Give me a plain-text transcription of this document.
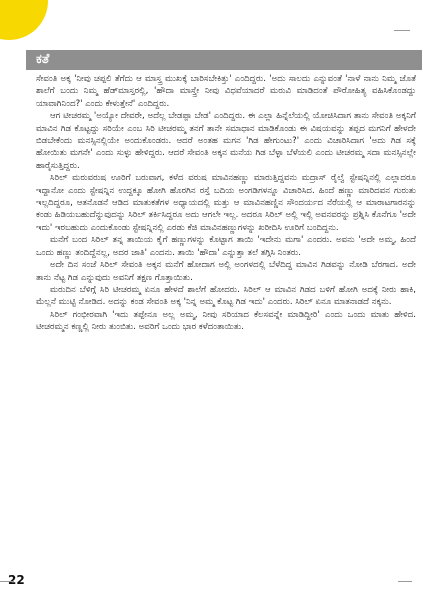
ಕತೆ

ಸೇವಂತಿ ಅಕ್ಕ 'ನೀವು ಚಪ್ಪಲಿ ತೆಗೆದು ಆ ಮಾಸ್ತ್ರ ಮುಖಕ್ಕೆ ಬಾರಿಸಬೇಕಿತ್ತು' ಎಂದಿದ್ದರು. 'ಅದು ಸಾಲದು ಎನ್ನುವಂತೆ 'ನಾಳೆ ನಾನು ನಿಮ್ಮ ಜೊತೆ ಶಾಲೆಗೆ ಬಂದು ನಿಮ್ಮ ಹೆಡ್‌ಮಾಸ್ತರಲ್ಲಿ, 'ಹೌದಾ ಮಾಸ್ತ್ರೇ ನೀವು ವಿಧವೆಯಾದರೆ ಮರುವಿ ಮಾಡಿದಂತೆ ಪೌರೋಹಿತ್ಯ ವಹಿಸಿಕೊಂಡದ್ದು ಯಾವಾಗಿನಿಂದ?' ಎಂದು ಕೇಳುತ್ತೇನೆ' ಎಂದಿದ್ದರು.

ಆಗ ಟೀಚರಮ್ಮ 'ಅಯ್ಯೋ ದೇವರೇ, ಅದೆಲ್ಲ ಬೇಡಪ್ಪಾ ಬೇಡ' ಎಂದಿದ್ದರು. ಈ ಎಲ್ಲಾ ಹಿನ್ನೆಲೆಯಲ್ಲಿ ಯೋಚಿಸಿದಾಗ ತಾನು ಸೇವಂತಿ ಅಕ್ಕನಿಗೆ ಮಾವಿನ ಗಿಡ ಕೊಟ್ಟದ್ದು ಸರಿಯೇ ಎಂಬ ಸಿರಿ ಟೀಚರಮ್ಮ ತನಗೆ ತಾನೇ ಸಮಾಧಾನ ಮಾಡಿಕೊಂಡು ಈ ವಿಷಯವನ್ನು ತಪ್ಪದ ಮಗನಿಗೆ ಹೇಳದೇ ಬಿಡಬೇಕೆಂದು ಮನಸ್ಸಿನಲ್ಲಿಯೇ ಅಂದುಕೊಂಡರು. ಆದರೆ ಅಂತಹ ಮಗನ 'ಗಿಡ ಹೇಗುಂಟು?' ಎಂದು ವಿಚಾರಿಸಿದಾಗ 'ಅದು ಗಿಡ ಸಕ್ಕೆ ಹೋಯಿತು ಮಗನೇ' ಎಂದು ಸುಳ್ಳು ಹೇಳಿದ್ದರು. ಆದರೆ ಸೇವಂತಿ ಅಕ್ಕನ ಮನೆಯ ಗಿಡ ಬೆಳ್ಳಾ ಬೆಳೆಯಲಿ ಎಂದು ಟೀಚರಮ್ಮ ಸದಾ ಮನಸ್ಸಿನಲ್ಲೇ ಹಾರೈಸುತ್ತಿದ್ದರು.

ಸಿರಿಲ್ ಮರುವರುಷ ಊರಿಗೆ ಬರುವಾಗ, ಕಳೆದ ವರುಷ ಮಾವಿನಹಣ್ಣು ಮಾರುತ್ತಿದ್ದವನು ಮದ್ರಾಸ್ ರೈಲ್ವೆ ಸ್ಟೇಷನ್ನಿನಲ್ಲಿ ಎಲ್ಲಾದರೂ ಇದ್ದಾನೋ ಎಂದು ಸ್ಟೇಷನ್ನಿನ ಉದ್ದಕ್ಕೂ ಹೋಗಿ ಹೊರಗಿನ ರಸ್ತೆ ಬದಿಯ ಅಂಗಡಿಗಳನ್ನೂ ವಿಚಾರಿಸಿದ. ಹಿಂದೆ ಹಣ್ಣು ಮಾರಿದವನ ಗುರುತು ಇಲ್ಲದಿದ್ದರೂ, ಆತನೊಡನೆ ಆಡಿದ ಮಾತುಕತೆಗಳ ಅಧ್ಯಾಯದಲ್ಲಿ ಮತ್ತು ಆ ಮಾವಿನಹಣ್ಣಿನ ಸೌಂದರ್ಯದ ನೆರೆಯಲ್ಲಿ ಆ ಮಾರಾಟಗಾರನನ್ನು ಕಂಡು ಹಿಡಿಯಬಹುದೆನ್ನುವುದನ್ನು ಸಿರಿಲ್ ತರ್ಕಿಸಿದ್ದರೂ ಅದು ಆಗಲೇ ಇಲ್ಲ. ಅದರೂ ಸಿರಿಲ್ ಅಲ್ಲಿ ಇಲ್ಲಿ ಅವನವರನ್ನು ಪ್ರಶ್ನಿಸಿ ಕೊನೆಗೂ 'ಅದೇ ಇದು' ಇರಬಹುದು ಎಂದುಕೊಂಡು ಸ್ಟೇಷನ್ನಿನಲ್ಲಿ ಎರಡು ಕೆಜಿ ಮಾವಿನಹಣ್ಣುಗಳನ್ನು ಖರೀದಿಸಿ ಊರಿಗೆ ಬಂದಿದ್ದನು.

ಮನೆಗೆ ಬಂದ ಸಿರಿಲ್ ತನ್ನ ತಾಯಿಯ ಕೈಗೆ ಹಣ್ಣುಗಳನ್ನು ಕೊಟ್ಟಾಗ ತಾಯಿ 'ಇದೇನು ಮಗಾ' ಎಂದರು. ಅವನು 'ಅದೇ ಅಮ್ಮ, ಹಿಂದೆ ಒಂದು ಹಣ್ಣು ತಂದಿದ್ದೆನಲ್ಲ, ಅದರ ಜಾತಿ' ಎಂದನು. ತಾಯಿ 'ಹೌದಾ' ಎನ್ನುತ್ತಾ ತಲೆ ತಗ್ಗಿಸಿ ನಿಂತರು.

ಅದೇ ದಿನ ಸಂಜೆ ಸಿರಿಲ್ ಸೇವಂತಿ ಅಕ್ಕನ ಮನೆಗೆ ಹೋದಾಗ ಅಲ್ಲಿ ಅಂಗಳದಲ್ಲಿ ಬೆಳೆದಿದ್ದ ಮಾವಿನ ಗಿಡವನ್ನು ನೋಡಿ ಬೆರಗಾದ. ಅದೇ ತಾನು ನೆಟ್ಟ ಗಿಡ ಎನ್ನುವುದು ಅವನಿಗೆ ತಕ್ಷಣ ಗೊತ್ತಾಯಿತು.

ಮರುದಿನ ಬೆಳಿಗ್ಗೆ ಸಿರಿ ಟೀಚರಮ್ಮ ಏನೂ ಹೇಳದೆ ಶಾಲೆಗೆ ಹೋದರು. ಸಿರಿಲ್ ಆ ಮಾವಿನ ಗಿಡದ ಬಳಿಗೆ ಹೋಗಿ ಅದಕ್ಕೆ ನೀರು ಹಾಕಿ, ಮೆಲ್ಲನೆ ಮುಟ್ಟಿ ನೋಡಿದ. ಅದನ್ನು ಕಂಡ ಸೇವಂತಿ ಅಕ್ಕ 'ನಿನ್ನ ಅಮ್ಮ ಕೊಟ್ಟ ಗಿಡ ಇದು' ಎಂದರು. ಸಿರಿಲ್ ಏನೂ ಮಾತನಾಡದೆ ನಕ್ಕನು.

ಸಿರಿಲ್ ಗಂಭೀರವಾಗಿ 'ಇದು ತಪ್ಪೇನೂ ಅಲ್ಲ ಅಮ್ಮ, ನೀವು ಸರಿಯಾದ ಕೆಲಸವನ್ನೇ ಮಾಡಿದ್ದೀರಿ' ಎಂದು ಒಂದು ಮಾತು ಹೇಳಿದ. ಟೀಚರಮ್ಮನ ಕಣ್ಣಲ್ಲಿ ನೀರು ತುಂಬಿತು. ಅವರಿಗೆ ಒಂದು ಭಾರ ಕಳೆದಂತಾಯಿತು.

22
